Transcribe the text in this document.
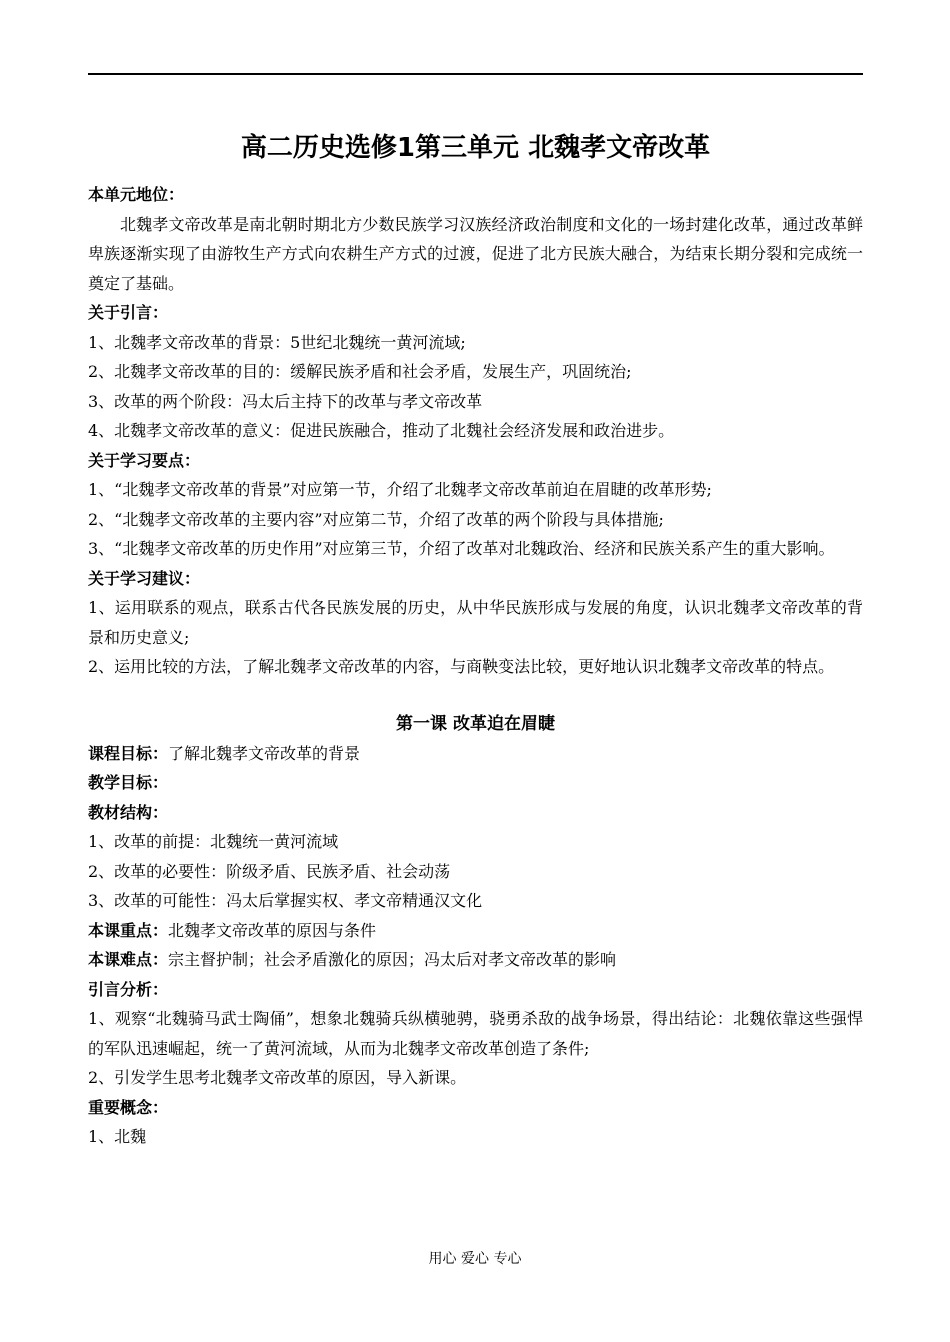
高二历史选修1第三单元 北魏孝文帝改革

本单元地位：

北魏孝文帝改革是南北朝时期北方少数民族学习汉族经济政治制度和文化的一场封建化改革，通过改革鲜卑族逐渐实现了由游牧生产方式向农耕生产方式的过渡，促进了北方民族大融合，为结束长期分裂和完成统一奠定了基础。

关于引言：

1、北魏孝文帝改革的背景：5世纪北魏统一黄河流域;

2、北魏孝文帝改革的目的：缓解民族矛盾和社会矛盾，发展生产，巩固统治;

3、改革的两个阶段：冯太后主持下的改革与孝文帝改革

4、北魏孝文帝改革的意义：促进民族融合，推动了北魏社会经济发展和政治进步。

关于学习要点：

1、“北魏孝文帝改革的背景”对应第一节，介绍了北魏孝文帝改革前迫在眉睫的改革形势;

2、“北魏孝文帝改革的主要内容”对应第二节，介绍了改革的两个阶段与具体措施;

3、“北魏孝文帝改革的历史作用”对应第三节，介绍了改革对北魏政治、经济和民族关系产生的重大影响。

关于学习建议：

1、运用联系的观点，联系古代各民族发展的历史，从中华民族形成与发展的角度，认识北魏孝文帝改革的背景和历史意义;

2、运用比较的方法，了解北魏孝文帝改革的内容，与商鞅变法比较，更好地认识北魏孝文帝改革的特点。

第一课 改革迫在眉睫

课程目标：了解北魏孝文帝改革的背景

教学目标：

教材结构：

1、改革的前提：北魏统一黄河流域

2、改革的必要性：阶级矛盾、民族矛盾、社会动荡

3、改革的可能性：冯太后掌握实权、孝文帝精通汉文化

本课重点：北魏孝文帝改革的原因与条件

本课难点：宗主督护制；社会矛盾激化的原因；冯太后对孝文帝改革的影响

引言分析：

1、观察“北魏骑马武士陶俑”，想象北魏骑兵纵横驰骋，骁勇杀敌的战争场景，得出结论：北魏依靠这些强悍的军队迅速崛起，统一了黄河流域，从而为北魏孝文帝改革创造了条件;

2、引发学生思考北魏孝文帝改革的原因，导入新课。

重要概念：

1、北魏

用心 爱心 专心
